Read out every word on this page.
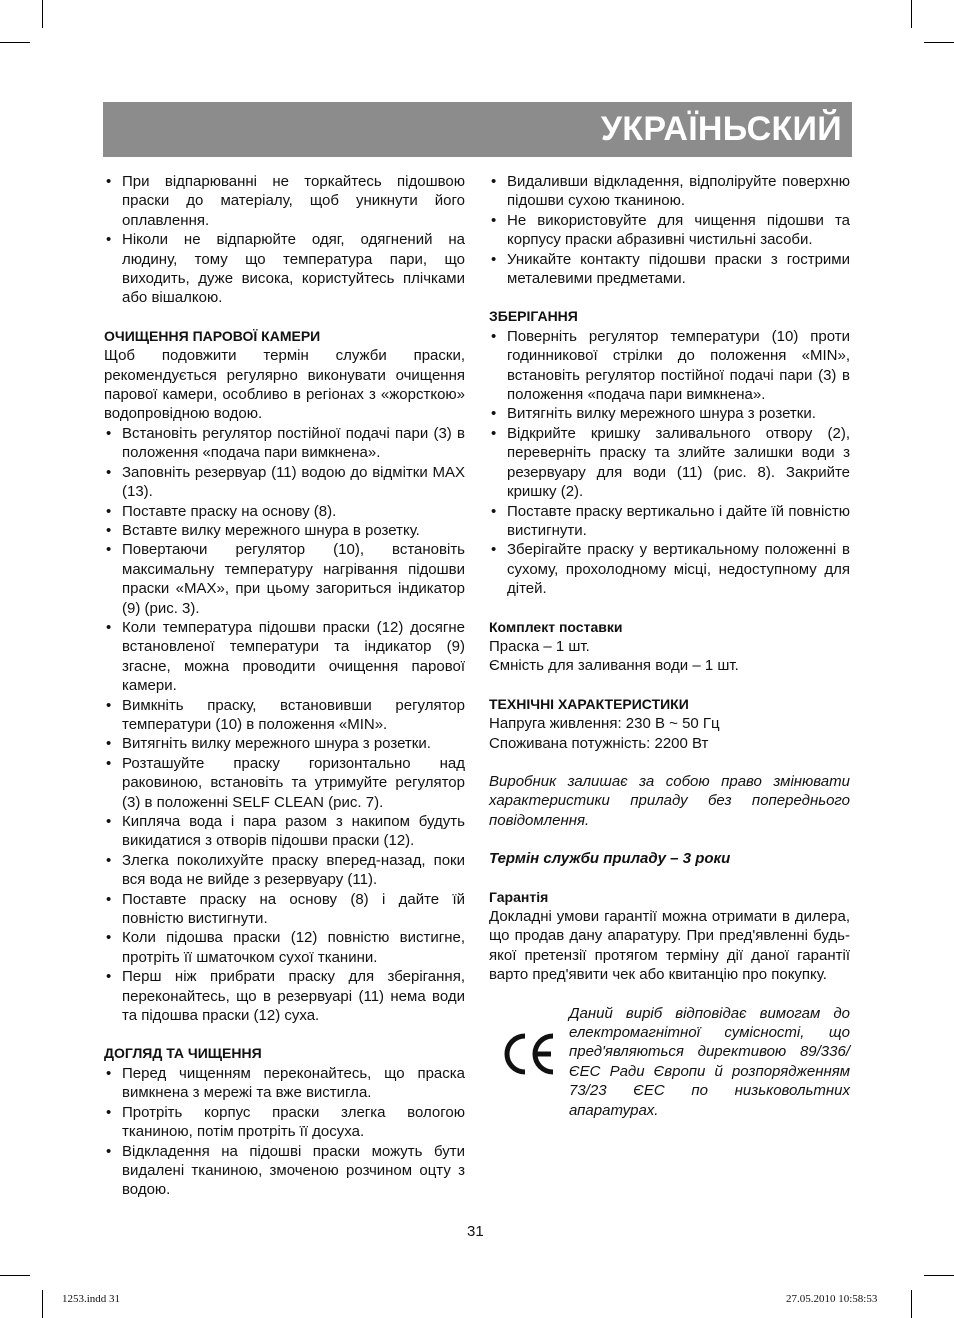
УКРАЇНЬСКИЙ
• При відпарюванні не торкайтесь підошвою праски до матеріалу, щоб уникнути його оплавлення.
• Ніколи не відпарюйте одяг, одягнений на людину, тому що температура пари, що виходить, дуже висока, користуйтесь плічками або вішалкою.
ОЧИЩЕННЯ ПАРОВОЇ КАМЕРИ

Щоб подовжити термін служби праски, рекомендується регулярно виконувати очищення парової камери, особливо в регіонах з «жорсткою» водопровідною водою.

• Встановіть регулятор постійної подачі пари (3) в положення «подача пари вимкнена».
• Заповніть резервуар (11) водою до відмітки MAX (13).
• Поставте праску на основу (8).
• Вставте вилку мережного шнура в розетку.
• Повертаючи регулятор (10), встановіть максимальну температуру нагрівання підошви праски «MAX», при цьому загориться індикатор (9) (рис. 3).
• Коли температура підошви праски (12) досягне встановленої температури та індикатор (9) згасне, можна проводити очищення парової камери.
• Вимкніть праску, встановивши регулятор температури (10) в положення «MIN».
• Витягніть вилку мережного шнура з розетки.
• Розташуйте праску горизонтально над раковиною, встановіть та утримуйте регулятор (3) в положенні SELF CLEAN (рис. 7).
• Кипляча вода і пара разом з накипом будуть викидатися з отворів підошви праски (12).
• Злегка поколихуйте праску вперед-назад, поки вся вода не вийде з резервуару (11).
• Поставте праску на основу (8) і дайте їй повністю вистигнути.
• Коли підошва праски (12) повністю вистигне, протріть її шматочком сухої тканини.
• Перш ніж прибрати праску для зберігання, переконайтесь, що в резервуарі (11) нема води та підошва праски (12) суха.
ДОГЛЯД ТА ЧИЩЕННЯ
• Перед чищенням переконайтесь, що праска вимкнена з мережі та вже вистигла.
• Протріть корпус праски злегка вологою тканиною, потім протріть її досуха.
• Відкладення на підошві праски можуть бути видалені тканиною, змоченою розчином оцту з водою.
• Видаливши відкладення, відполіруйте поверхню підошви сухою тканиною.
• Не використовуйте для чищення підошви та корпусу праски абразивні чистильні засоби.
• Уникайте контакту підошви праски з гострими металевими предметами.
ЗБЕРІГАННЯ
• Поверніть регулятор температури (10) проти годинникової стрілки до положення «MIN», встановіть регулятор постійної подачі пари (3) в положення «подача пари вимкнена».
• Витягніть вилку мережного шнура з розетки.
• Відкрийте кришку заливального отвору (2), переверніть праску та злийте залишки води з резервуару для води (11) (рис. 8). Закрийте кришку (2).
• Поставте праску вертикально і дайте їй повністю вистигнути.
• Зберігайте праску у вертикальному положенні в сухому, прохолодному місці, недоступному для дітей.
Комплект поставки

Праска – 1 шт.

Ємність для заливання води – 1 шт.

ТЕХНІЧНІ ХАРАКТЕРИСТИКИ

Напруга живлення: 230 В ~ 50 Гц

Споживана потужність: 2200 Вт

Виробник залишає за собою право змінювати характеристики приладу без попереднього повідомлення.

Термін служби приладу – 3 роки

Гарантія

Докладні умови гарантії можна отримати в дилера, що продав дану апаратуру. При пред'явленні будь-якої претензії протягом терміну дії даної гарантії варто пред'явити чек або квитанцію про покупку.

Даний виріб відповідає вимогам до електромагнітної сумісності, що пред'являються директивою 89/336/ЄЕС Ради Європи й розпорядженням 73/23 ЄЕС по низьковольтних апаратурах.
31
1253.indd 31	27.05.2010 10:58:53
